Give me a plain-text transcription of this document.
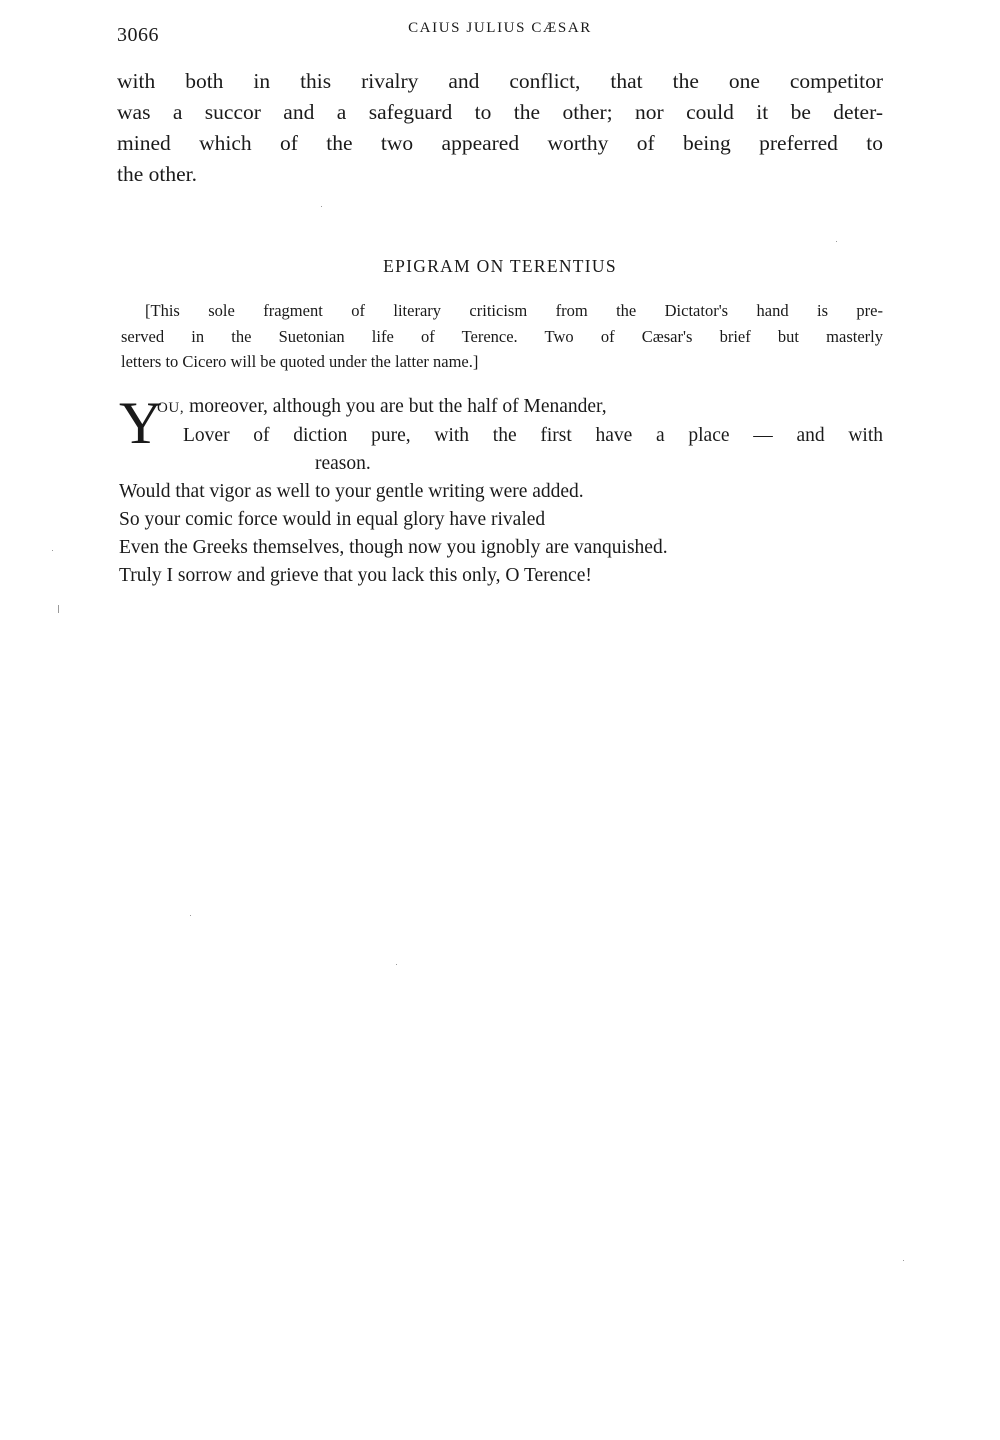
3066	CAIUS JULIUS CÆSAR
with both in this rivalry and conflict, that the one competitor
was a succor and a safeguard to the other; nor could it be deter-
mined which of the two appeared worthy of being preferred to
the other.
EPIGRAM ON TERENTIUS
[This sole fragment of literary criticism from the Dictator's hand is pre-
served in the Suetonian life of Terence. Two of Cæsar's brief but masterly
letters to Cicero will be quoted under the latter name.]
Y
OU, moreover, although you are but the half of Menander,
Lover of diction pure, with the first have a place — and with
reason.
Would that vigor as well to your gentle writing were added.
So your comic force would in equal glory have rivaled
Even the Greeks themselves, though now you ignobly are vanquished.
Truly I sorrow and grieve that you lack this only, O Terence!
